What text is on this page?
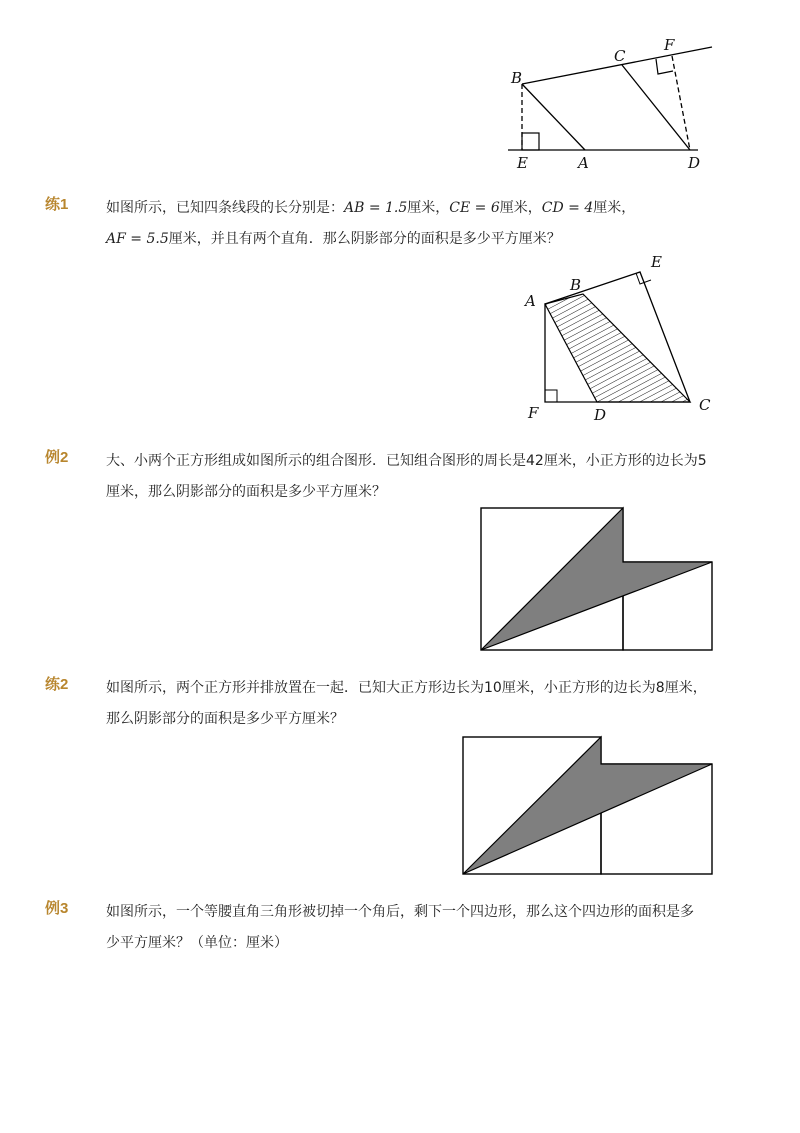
B
C
F
E	A	D
练1	如图所示，已知四条线段的长分别是：AB = 1.5厘米，CE = 6厘米，CD = 4厘米，
AF = 5.5厘米，并且有两个直角．那么阴影部分的面积是多少平方厘米？
A
B
E
F	D
C
例2	大、小两个正方形组成如图所示的组合图形．已知组合图形的周长是42厘米，小正方形的边长为5
厘米，那么阴影部分的面积是多少平方厘米？
练2	如图所示，两个正方形并排放置在一起．已知大正方形边长为10厘米，小正方形的边长为8厘米，
那么阴影部分的面积是多少平方厘米？
例3	如图所示，一个等腰直角三角形被切掉一个角后，剩下一个四边形，那么这个四边形的面积是多
少平方厘米？（单位：厘米）
